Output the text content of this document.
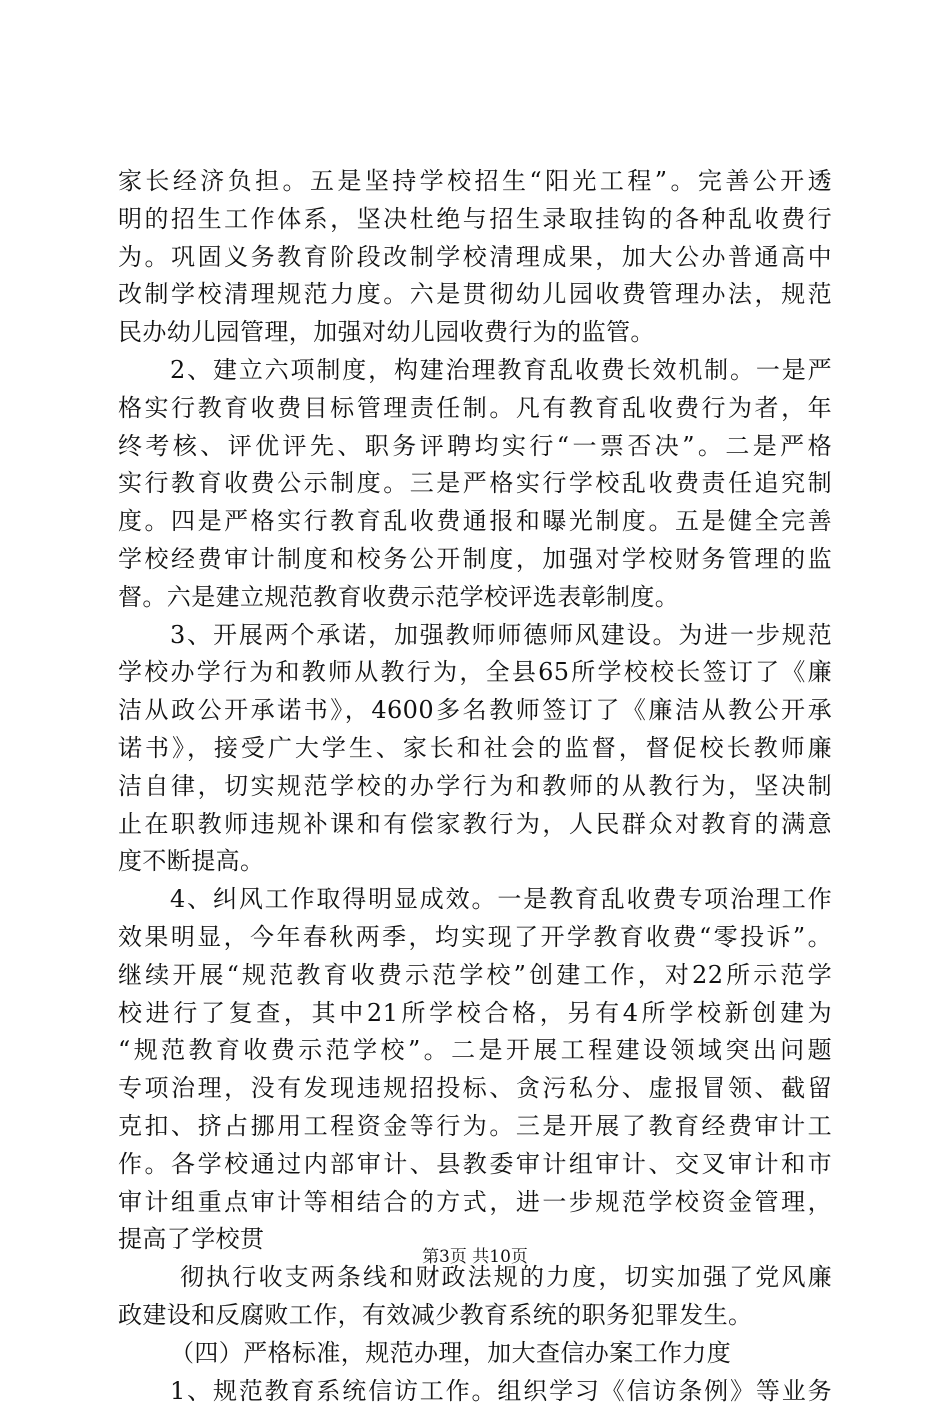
家长经济负担。五是坚持学校招生“阳光工程”。完善公开透
明的招生工作体系，坚决杜绝与招生录取挂钩的各种乱收费行
为。巩固义务教育阶段改制学校清理成果，加大公办普通高中
改制学校清理规范力度。六是贯彻幼儿园收费管理办法，规范
民办幼儿园管理，加强对幼儿园收费行为的监管。
2、建立六项制度，构建治理教育乱收费长效机制。一是严
格实行教育收费目标管理责任制。凡有教育乱收费行为者，年
终考核、评优评先、职务评聘均实行“一票否决”。二是严格
实行教育收费公示制度。三是严格实行学校乱收费责任追究制
度。四是严格实行教育乱收费通报和曝光制度。五是健全完善
学校经费审计制度和校务公开制度，加强对学校财务管理的监
督。六是建立规范教育收费示范学校评选表彰制度。
3、开展两个承诺，加强教师师德师风建设。为进一步规范
学校办学行为和教师从教行为，全县65所学校校长签订了《廉
洁从政公开承诺书》，4600多名教师签订了《廉洁从教公开承
诺书》，接受广大学生、家长和社会的监督，督促校长教师廉
洁自律，切实规范学校的办学行为和教师的从教行为，坚决制
止在职教师违规补课和有偿家教行为，人民群众对教育的满意
度不断提高。
4、纠风工作取得明显成效。一是教育乱收费专项治理工作
效果明显，今年春秋两季，均实现了开学教育收费“零投诉”。
继续开展“规范教育收费示范学校”创建工作，对22所示范学
校进行了复查，其中21所学校合格，另有4所学校新创建为
“规范教育收费示范学校”。二是开展工程建设领域突出问题
专项治理，没有发现违规招投标、贪污私分、虚报冒领、截留
克扣、挤占挪用工程资金等行为。三是开展了教育经费审计工
作。各学校通过内部审计、县教委审计组审计、交叉审计和市
审计组重点审计等相结合的方式，进一步规范学校资金管理，
提高了学校贯
彻执行收支两条线和财政法规的力度，切实加强了党风廉
政建设和反腐败工作，有效减少教育系统的职务犯罪发生。
（四）严格标准，规范办理，加大查信办案工作力度
1、规范教育系统信访工作。组织学习《信访条例》等业务
第3页 共10页
